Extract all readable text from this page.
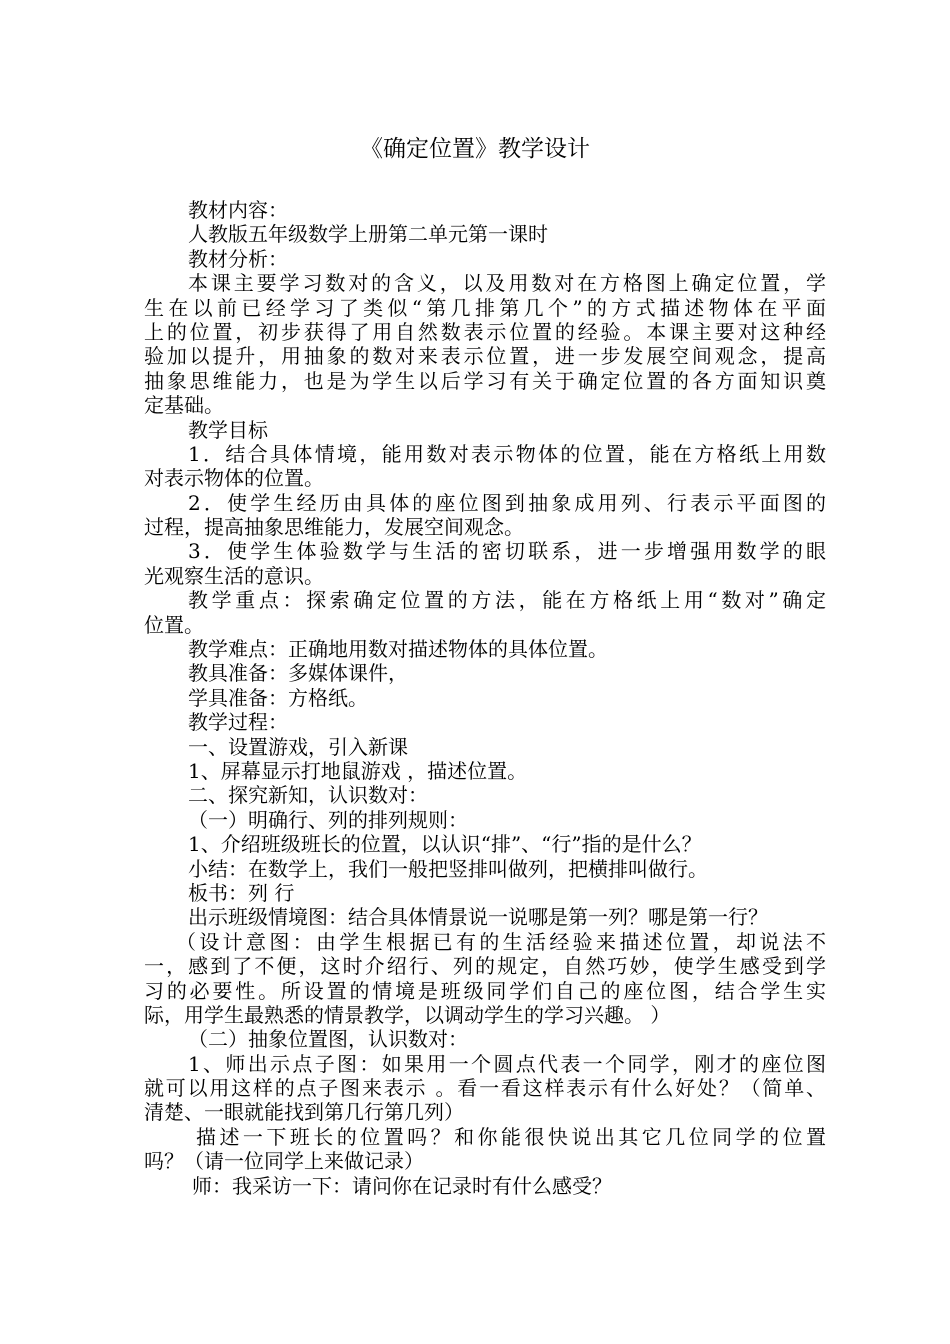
《确定位置》教学设计
教材内容：
人教版五年级数学上册第二单元第一课时
教材分析：
本课主要学习数对的含义，以及用数对在方格图上确定位置，学
生在以前已经学习了类似“第几排第几个”的方式描述物体在平面
上的位置，初步获得了用自然数表示位置的经验。本课主要对这种经
验加以提升，用抽象的数对来表示位置，进一步发展空间观念，提高
抽象思维能力，也是为学生以后学习有关于确定位置的各方面知识奠
定基础。
教学目标
1．结合具体情境，能用数对表示物体的位置，能在方格纸上用数
对表示物体的位置。
2．使学生经历由具体的座位图到抽象成用列、行表示平面图的
过程，提高抽象思维能力，发展空间观念。
3．使学生体验数学与生活的密切联系，进一步增强用数学的眼
光观察生活的意识。
教学重点：探索确定位置的方法，能在方格纸上用“数对”确定
位置。
教学难点：正确地用数对描述物体的具体位置。
教具准备：多媒体课件，
学具准备：方格纸。
教学过程：
一、设置游戏，引入新课
1、屏幕显示打地鼠游戏 ，描述位置。
二、探究新知，认识数对：
（一）明确行、列的排列规则：
1、介绍班级班长的位置，以认识“排”、“行”指的是什么？
小结：在数学上，我们一般把竖排叫做列，把横排叫做行。
板书：列 行
出示班级情境图：结合具体情景说一说哪是第一列？哪是第一行？
（设计意图：由学生根据已有的生活经验来描述位置，却说法不
一，感到了不便，这时介绍行、列的规定，自然巧妙，使学生感受到学
习的必要性。所设置的情境是班级同学们自己的座位图，结合学生实
际，用学生最熟悉的情景教学，以调动学生的学习兴趣。 ）
（二）抽象位置图，认识数对：
1、师出示点子图：如果用一个圆点代表一个同学，刚才的座位图
就可以用这样的点子图来表示 。看一看这样表示有什么好处？（简单、
清楚、一眼就能找到第几行第几列）
描述一下班长的位置吗？和你能很快说出其它几位同学的位置
吗？（请一位同学上来做记录）
师：我采访一下：请问你在记录时有什么感受？
